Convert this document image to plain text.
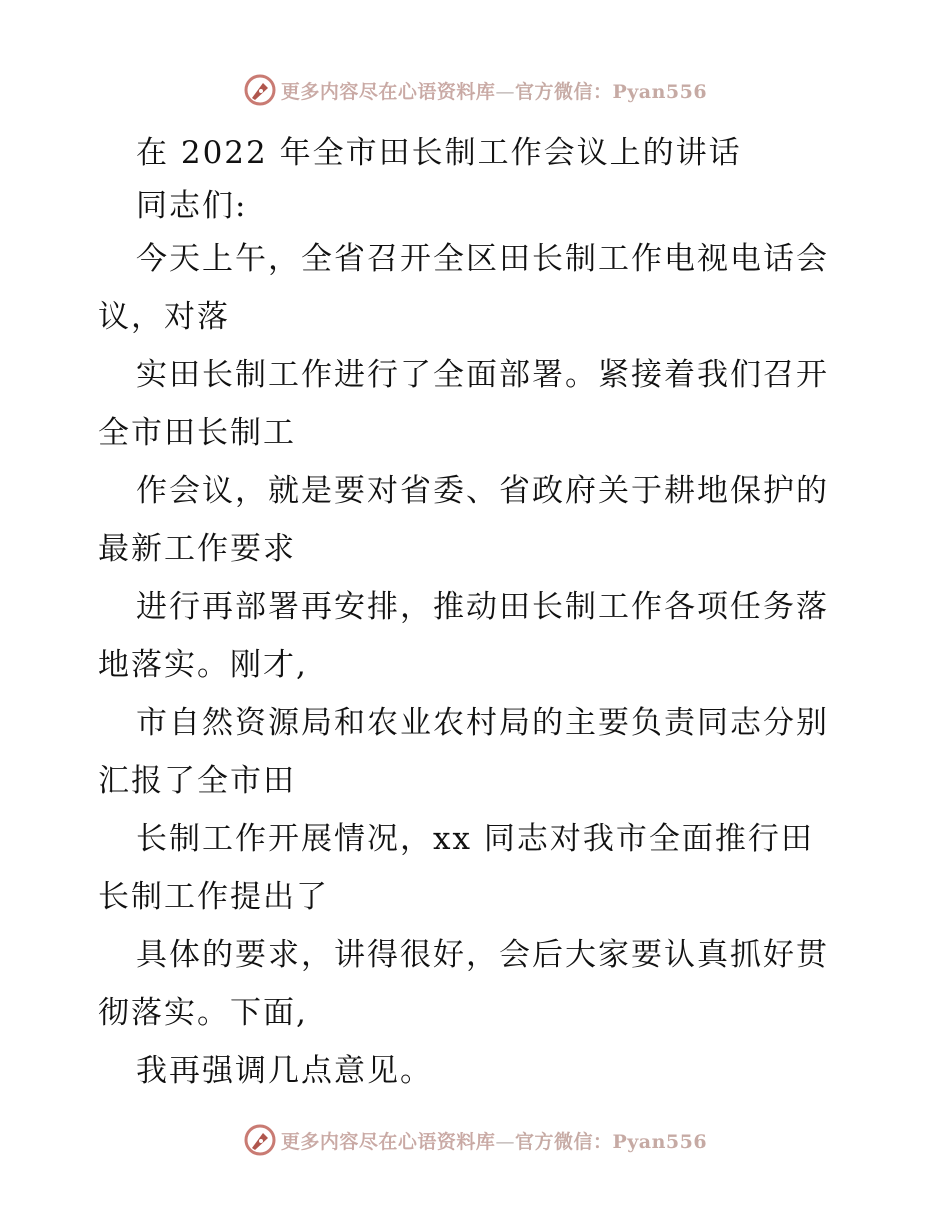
更多内容尽在心语资料库—官方微信：Pyan556
在 2022 年全市田长制工作会议上的讲话
同志们:
今天上午，全省召开全区田长制工作电视电话会
议，对落
实田长制工作进行了全面部署。紧接着我们召开
全市田长制工
作会议，就是要对省委、省政府关于耕地保护的
最新工作要求
进行再部署再安排，推动田长制工作各项任务落
地落实。刚才,
市自然资源局和农业农村局的主要负责同志分别
汇报了全市田
长制工作开展情况，xx 同志对我市全面推行田
长制工作提出了
具体的要求，讲得很好，会后大家要认真抓好贯
彻落实。下面,
我再强调几点意见。
更多内容尽在心语资料库—官方微信：Pyan556
